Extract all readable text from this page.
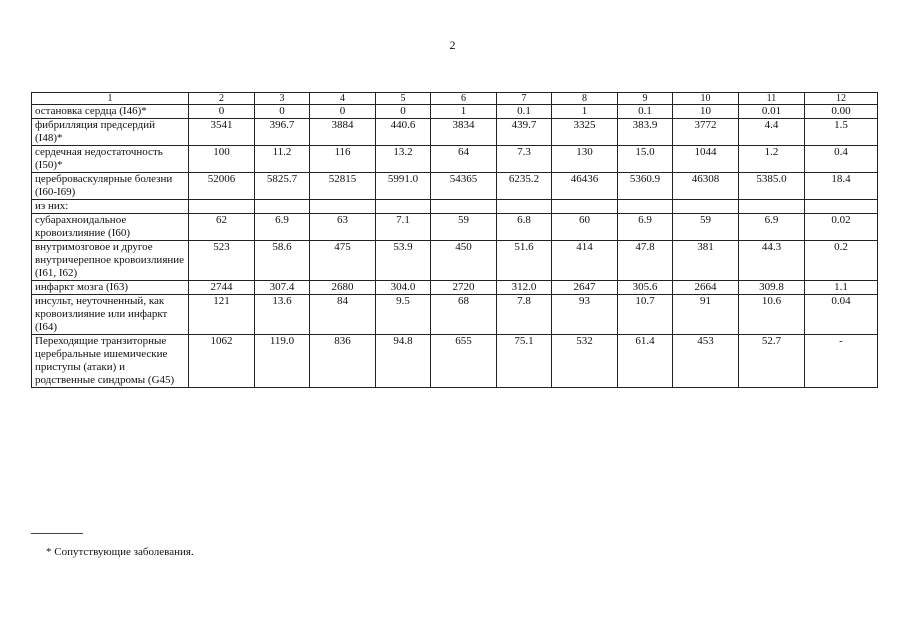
2
1	2	3	4	5	6	7	8	9	10	11	12
остановка сердца (I46)*	0	0	0	0	1	0.1	1	0.1	10	0.01	0.00
фибрилляция предсердий (I48)*	3541	396.7	3884	440.6	3834	439.7	3325	383.9	3772	4.4	1.5
сердечная недостаточность (I50)*	100	11.2	116	13.2	64	7.3	130	15.0	1044	1.2	0.4
цереброваскулярные болезни (I60-I69)	52006	5825.7	52815	5991.0	54365	6235.2	46436	5360.9	46308	5385.0	18.4
из них:											
субарахноидальное кровоизлияние (I60)	62	6.9	63	7.1	59	6.8	60	6.9	59	6.9	0.02
внутримозговое и другое внутричерепное кровоизлияние (I61, I62)	523	58.6	475	53.9	450	51.6	414	47.8	381	44.3	0.2
инфаркт мозга (I63)	2744	307.4	2680	304.0	2720	312.0	2647	305.6	2664	309.8	1.1
инсульт, неуточненный, как кровоизлияние или инфаркт (I64)	121	13.6	84	9.5	68	7.8	93	10.7	91	10.6	0.04
Переходящие транзиторные церебральные ишемические приступы (атаки) и родственные синдромы (G45)	1062	119.0	836	94.8	655	75.1	532	61.4	453	52.7	-
* Сопутствующие заболевания.
